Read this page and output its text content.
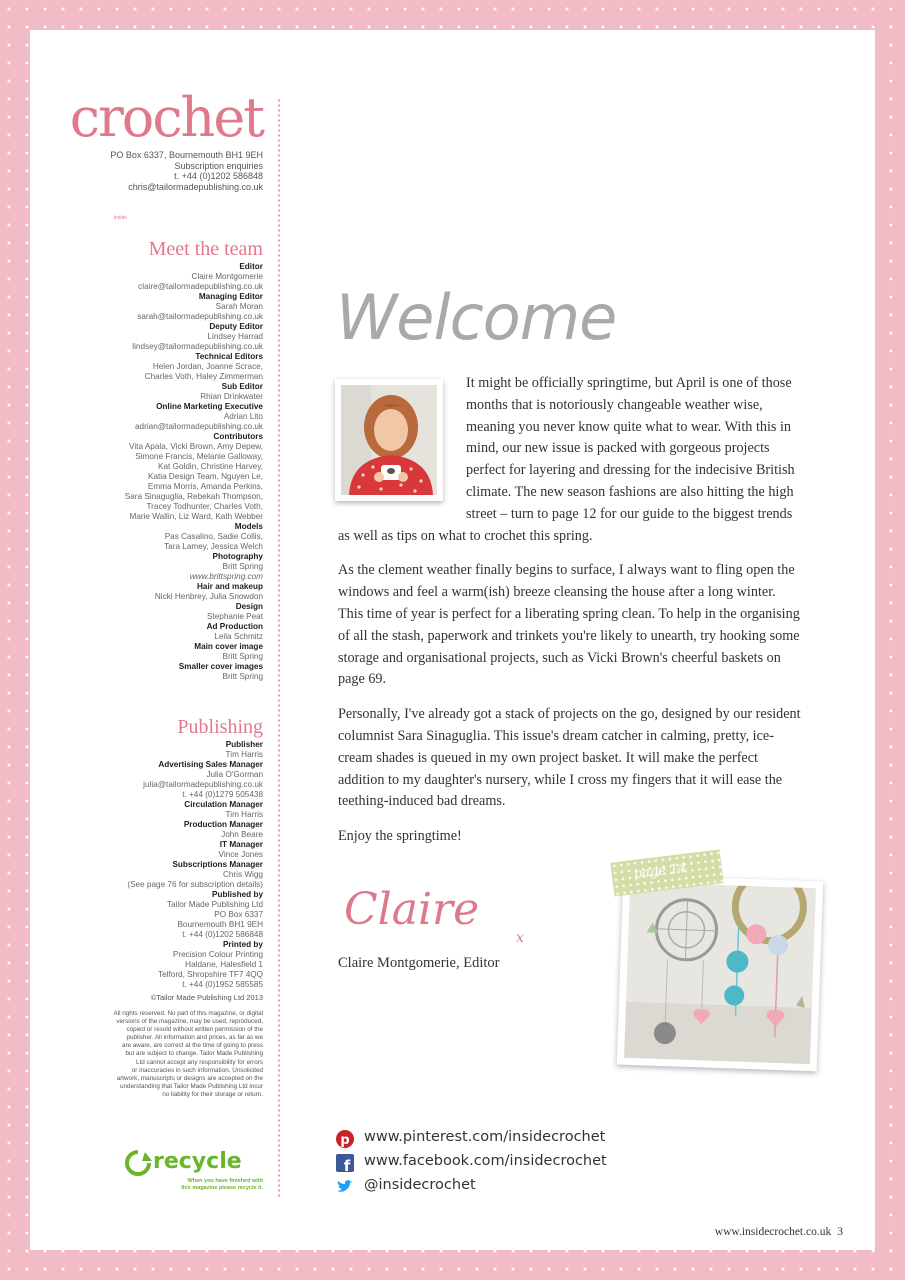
Inside
crochet
PO Box 6337, Bournemouth BH1 9EH
Subscription enquiries
t. +44 (0)1202 586848
chris@tailormadepublishing.co.uk
Meet the team
Editor
Claire Montgomerie
claire@tailormadepublishing.co.uk
Managing Editor
Sarah Moran
sarah@tailormadepublishing.co.uk
Deputy Editor
Lindsey Harrad
lindsey@tailormadepublishing.co.uk
Technical Editors
Helen Jordan, Joanne Scrace,
Charles Voth, Haley Zimmerman
Sub Editor
Rhian Drinkwater
Online Marketing Executive
Adrian Lito
adrian@tailormadepublishing.co.uk
Contributors
Vita Apala, Vicki Brown, Amy Depew,
Simone Francis, Melanie Galloway,
Kat Goldin, Christine Harvey,
Katia Design Team, Nguyen Le,
Emma Morris, Amanda Perkins,
Sara Sinaguglia, Rebekah Thompson,
Tracey Todhunter, Charles Voth,
Marie Wallin, Liz Ward, Kath Webber
Models
Pas Casalino, Sadie Collis,
Tara Lamey, Jessica Welch
Photography
Britt Spring
www.brittspring.com
Hair and makeup
Nicki Henbrey, Julia Snowdon
Design
Stephanie Peat
Ad Production
Leila Schmitz
Main cover image
Britt Spring
Smaller cover images
Britt Spring
Publishing
Publisher
Tim Harris
Advertising Sales Manager
Julia O'Gorman
julia@tailormadepublishing.co.uk
t. +44 (0)1279 505438
Circulation Manager
Tim Harris
Production Manager
John Beare
IT Manager
Vince Jones
Subscriptions Manager
Chris Wigg
(See page 76 for subscription details)
Published by
Tailor Made Publishing Ltd
PO Box 6337
Bournemouth BH1 9EH
t. +44 (0)1202 586848
Printed by
Precision Colour Printing
Haldane, Halesfield 1
Telford, Shropshire TF7 4QQ
t. +44 (0)1952 585585
©Tailor Made Publishing Ltd 2013
All rights reserved. No part of this magazine, or digital
versions of the magazine, may be used, reproduced,
copied or resold without written permission of the
publisher. All information and prices, as far as we
are aware, are correct at the time of going to press
but are subject to change. Tailor Made Publishing
Ltd cannot accept any responsibility for errors
or inaccuracies in such information. Unsolicited
artwork, manuscripts or designs are accepted on the
understanding that Tailor Made Publishing Ltd incur
no liability for their storage or return.
recycle
When you have finished with
this magazine please recycle it.
Welcome

It might be officially springtime, but April is one of those months that is notoriously changeable weather wise, meaning you never know quite what to wear. With this in mind, our new issue is packed with gorgeous projects perfect for layering and dressing for the indecisive British climate. The new season fashions are also hitting the high street – turn to page 12 for our guide to the biggest trends as well as tips on what to crochet this spring.

As the clement weather finally begins to surface, I always want to fling open the windows and feel a warm(ish) breeze cleansing the house after a long winter. This time of year is perfect for a liberating spring clean. To help in the organising of all the stash, paperwork and trinkets you're likely to unearth, try hooking some storage and organisational projects, such as Vicki Brown's cheerful baskets on page 69.

Personally, I've already got a stack of projects on the go, designed by our resident columnist Sara Sinaguglia. This issue's dream catcher in calming, pretty, ice-cream shades is queued in my own project basket. It will make the perfect addition to my daughter's nursery, while I cross my fingers that it will ease the teething-induced bad dreams.

Enjoy the springtime!

Claire
x
Claire Montgomerie, Editor
page 14
p www.pinterest.com/insidecrochet
f www.facebook.com/insidecrochet
@insidecrochet
www.insidecrochet.co.uk 3
